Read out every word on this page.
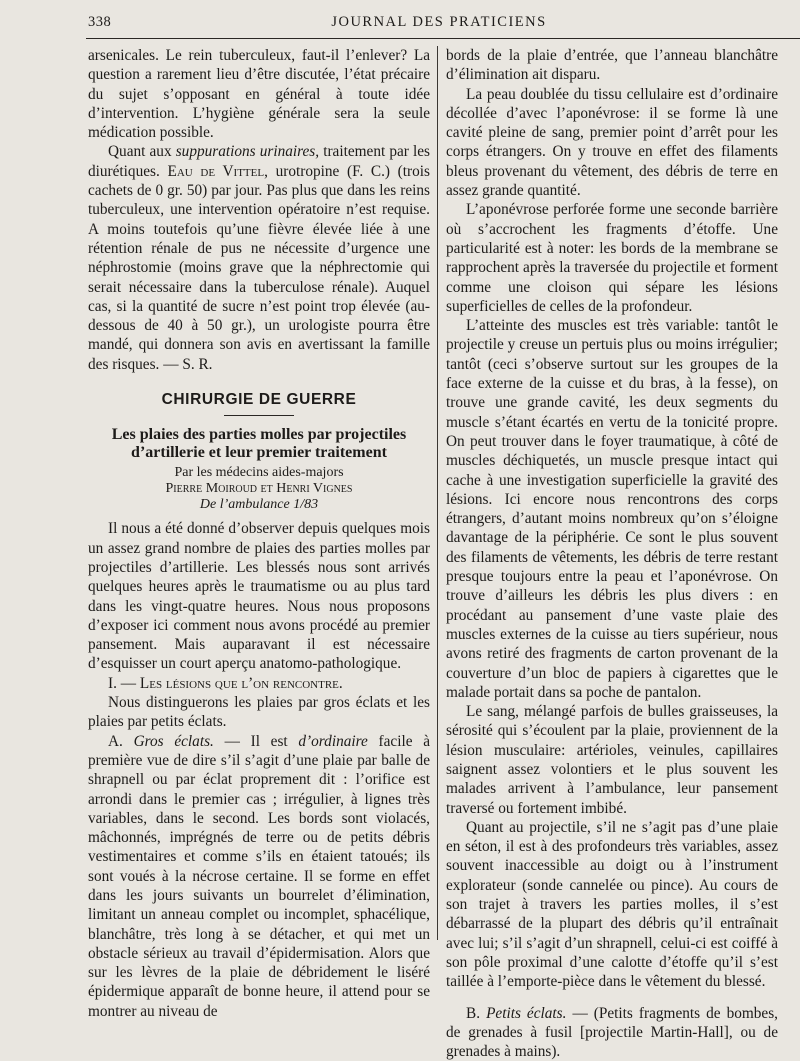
338	JOURNAL DES PRATICIENS

arsenicales. Le rein tuberculeux, faut-il l’enlever? La question a rarement lieu d’être discutée, l’état précaire du sujet s’opposant en général à toute idée d’intervention. L’hygiène générale sera la seule médication possible.

Quant aux suppurations urinaires, traitement par les diurétiques. Eau de Vittel, urotropine (F. C.) (trois cachets de 0 gr. 50) par jour. Pas plus que dans les reins tuberculeux, une intervention opératoire n’est requise. A moins toutefois qu’une fièvre élevée liée à une rétention rénale de pus ne nécessite d’urgence une néphrostomie (moins grave que la néphrectomie qui serait nécessaire dans la tuberculose rénale). Auquel cas, si la quantité de sucre n’est point trop élevée (au-dessous de 40 à 50 gr.), un urologiste pourra être mandé, qui donnera son avis en avertissant la famille des risques. — S. R.

CHIRURGIE DE GUERRE
Les plaies des parties molles par projectiles d’artillerie et leur premier traitement
Par les médecins aides-majors
Pierre Moiroud et Henri Vignes
De l’ambulance 1/83

Il nous a été donné d’observer depuis quelques mois un assez grand nombre de plaies des parties molles par projectiles d’artillerie. Les blessés nous sont arrivés quelques heures après le traumatisme ou au plus tard dans les vingt-quatre heures. Nous nous proposons d’exposer ici comment nous avons procédé au premier pansement. Mais auparavant il est nécessaire d’esquisser un court aperçu anatomo-pathologique.

I. — Les lésions que l’on rencontre.

Nous distinguerons les plaies par gros éclats et les plaies par petits éclats.

A. Gros éclats. — Il est d’ordinaire facile à première vue de dire s’il s’agit d’une plaie par balle de shrapnell ou par éclat proprement dit : l’orifice est arrondi dans le premier cas ; irrégulier, à lignes très variables, dans le second. Les bords sont violacés, mâchonnés, imprégnés de terre ou de petits débris vestimentaires et comme s’ils en étaient tatoués; ils sont voués à la nécrose certaine. Il se forme en effet dans les jours suivants un bourrelet d’élimination, limitant un anneau complet ou incomplet, sphacélique, blanchâtre, très long à se détacher, et qui met un obstacle sérieux au travail d’épidermisation. Alors que sur les lèvres de la plaie de débridement le liséré épidermique apparaît de bonne heure, il attend pour se montrer au niveau de

bords de la plaie d’entrée, que l’anneau blanchâtre d’élimination ait disparu.

La peau doublée du tissu cellulaire est d’ordinaire décollée d’avec l’aponévrose: il se forme là une cavité pleine de sang, premier point d’arrêt pour les corps étrangers. On y trouve en effet des filaments bleus provenant du vêtement, des débris de terre en assez grande quantité.

L’aponévrose perforée forme une seconde barrière où s’accrochent les fragments d’étoffe. Une particularité est à noter: les bords de la membrane se rapprochent après la traversée du projectile et forment comme une cloison qui sépare les lésions superficielles de celles de la profondeur.

L’atteinte des muscles est très variable: tantôt le projectile y creuse un pertuis plus ou moins irrégulier; tantôt (ceci s’observe surtout sur les groupes de la face externe de la cuisse et du bras, à la fesse), on trouve une grande cavité, les deux segments du muscle s’étant écartés en vertu de la tonicité propre. On peut trouver dans le foyer traumatique, à côté de muscles déchiquetés, un muscle presque intact qui cache à une investigation superficielle la gravité des lésions. Ici encore nous rencontrons des corps étrangers, d’autant moins nombreux qu’on s’éloigne davantage de la périphérie. Ce sont le plus souvent des filaments de vêtements, les débris de terre restant presque toujours entre la peau et l’aponévrose. On trouve d’ailleurs les débris les plus divers : en procédant au pansement d’une vaste plaie des muscles externes de la cuisse au tiers supérieur, nous avons retiré des fragments de carton provenant de la couverture d’un bloc de papiers à cigarettes que le malade portait dans sa poche de pantalon.

Le sang, mélangé parfois de bulles graisseuses, la sérosité qui s’écoulent par la plaie, proviennent de la lésion musculaire: artérioles, veinules, capillaires saignent assez volontiers et le plus souvent les malades arrivent à l’ambulance, leur pansement traversé ou fortement imbibé.

Quant au projectile, s’il ne s’agit pas d’une plaie en séton, il est à des profondeurs très variables, assez souvent inaccessible au doigt ou à l’instrument explorateur (sonde cannelée ou pince). Au cours de son trajet à travers les parties molles, il s’est débarrassé de la plupart des débris qu’il entraînait avec lui; s’il s’agit d’un shrapnell, celui-ci est coiffé à son pôle proximal d’une calotte d’étoffe qu’il s’est taillée à l’emporte-pièce dans le vêtement du blessé.

B. Petits éclats. — (Petits fragments de bombes, de grenades à fusil [projectile Martin-Hall], ou de grenades à mains).
